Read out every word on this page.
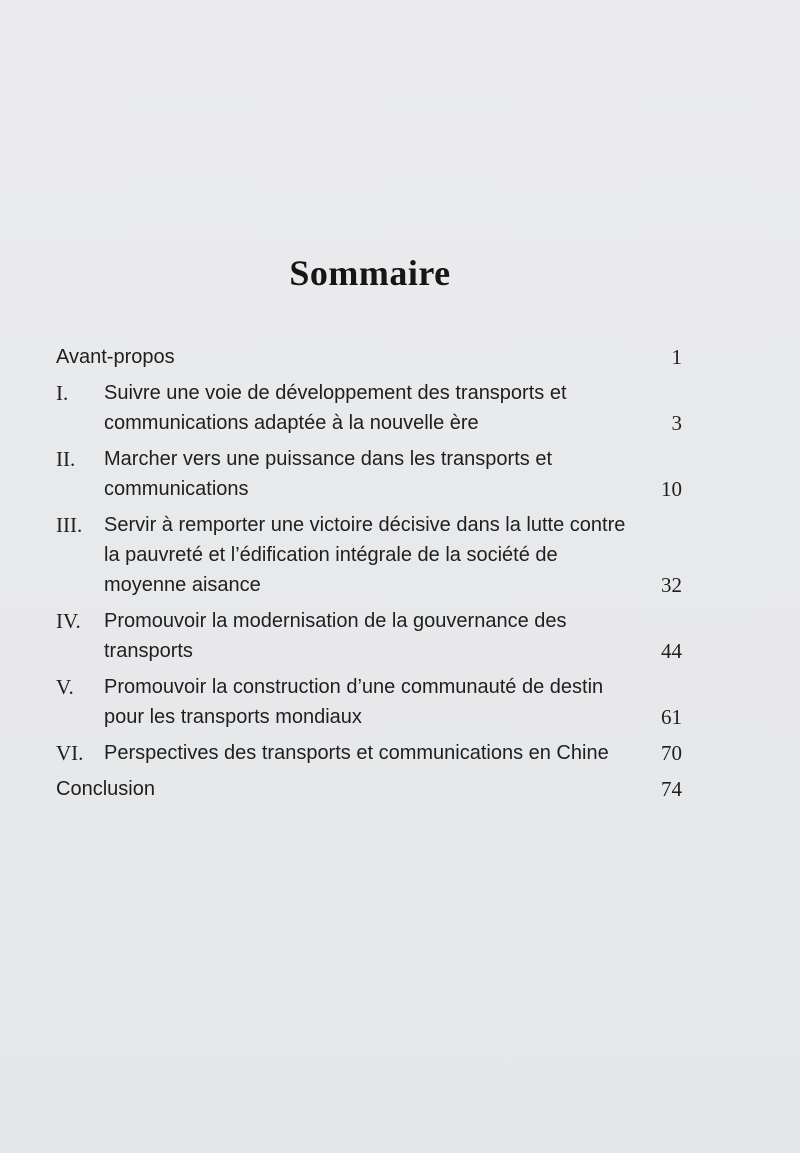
Sommaire
Avant-propos	1
I.	Suivre une voie de développement des transports et communications adaptée à la nouvelle ère	3
II.	Marcher vers une puissance dans les transports et communications	10
III.	Servir à remporter une victoire décisive dans la lutte contre la pauvreté et l’édification intégrale de la société de moyenne aisance	32
IV.	Promouvoir la modernisation de la gouvernance des transports	44
V.	Promouvoir la construction d’une communauté de destin pour les transports mondiaux	61
VI.	Perspectives des transports et communications en Chine	70
Conclusion	74
